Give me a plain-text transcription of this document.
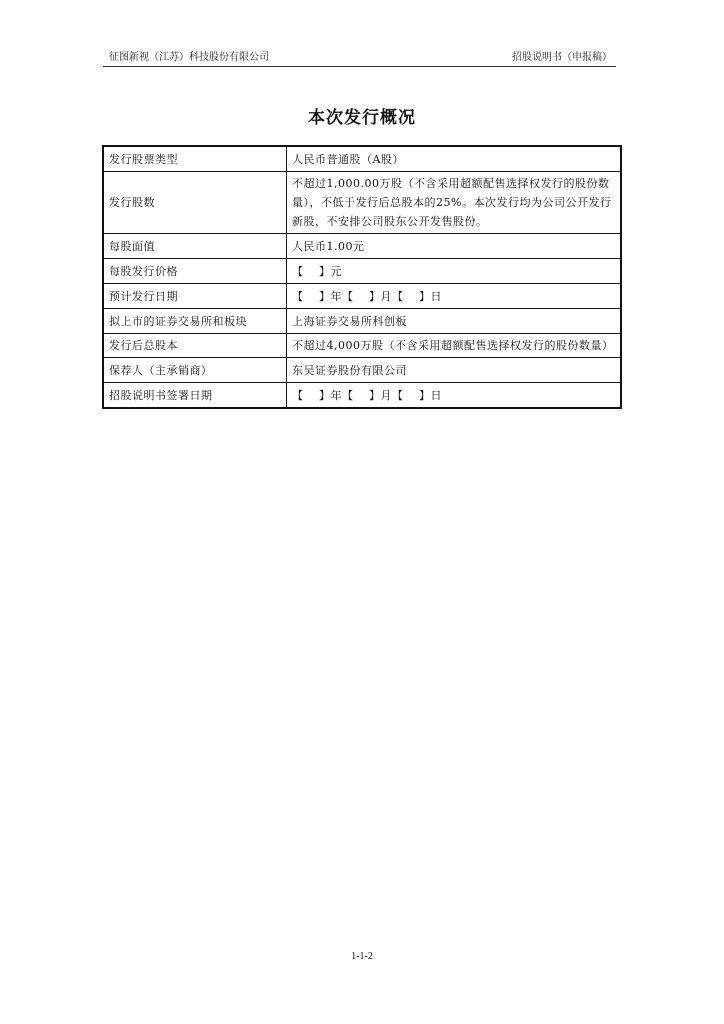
征图新视（江苏）科技股份有限公司	招股说明书（申报稿）
本次发行概况
发行股票类型	人民币普通股（A股）
发行股数	不超过1,000.00万股（不含采用超额配售选择权发行的股份数量），不低于发行后总股本的25%。本次发行均为公司公开发行新股，不安排公司股东公开发售股份。
每股面值	人民币1.00元
每股发行价格	【　 】元
预计发行日期	【　 】年【　 】月【　 】日
拟上市的证券交易所和板块	上海证券交易所科创板
发行后总股本	不超过4,000万股（不含采用超额配售选择权发行的股份数量）
保荐人（主承销商）	东吴证券股份有限公司
招股说明书签署日期	【　 】年【　 】月【　 】日
1-1-2
